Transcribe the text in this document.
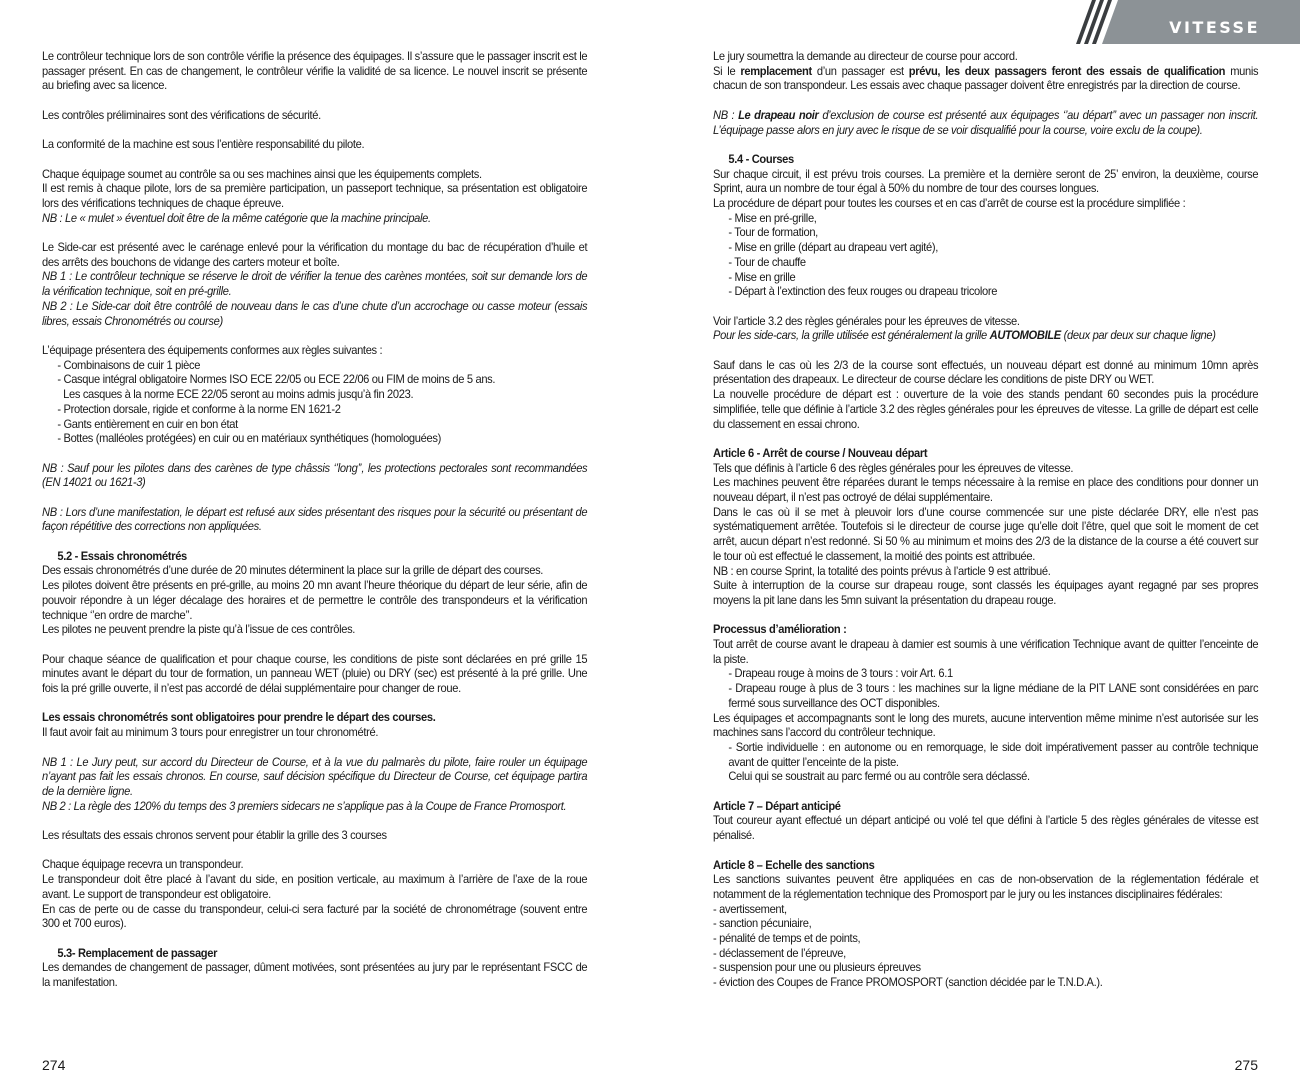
Le contrôleur technique lors de son contrôle vérifie la présence des équipages. Il s’assure que le passager inscrit est le passager présent. En cas de changement, le contrôleur vérifie la validité de sa licence. Le nouvel inscrit se présente au briefing avec sa licence.

Les contrôles préliminaires sont des vérifications de sécurité.

La conformité de la machine est sous l’entière responsabilité du pilote.

Chaque équipage soumet au contrôle sa ou ses machines ainsi que les équipements complets.
Il est remis à chaque pilote, lors de sa première participation, un passeport technique, sa présentation est obligatoire lors des vérifications techniques de chaque épreuve.
NB : Le « mulet » éventuel doit être de la même catégorie que la machine principale.

Le Side-car est présenté avec le carénage enlevé pour la vérification du montage du bac de récupération d’huile et des arrêts des bouchons de vidange des carters moteur et boîte.
NB 1 : Le contrôleur technique se réserve le droit de vérifier la tenue des carènes montées, soit sur demande lors de la vérification technique, soit en pré-grille.
NB 2 : Le Side-car doit être contrôlé de nouveau dans le cas d’une chute d’un accrochage ou casse moteur (essais libres, essais Chronométrés ou course)

L’équipage présentera des équipements conformes aux règles suivantes :
- Combinaisons de cuir 1 pièce
- Casque intégral obligatoire Normes ISO ECE 22/05 ou ECE 22/06 ou FIM de moins de 5 ans.
Les casques à la norme ECE 22/05 seront au moins admis jusqu’à fin 2023.
- Protection dorsale, rigide et conforme à la norme EN 1621-2
- Gants entièrement en cuir en bon état
- Bottes (malléoles protégées) en cuir ou en matériaux synthétiques (homologuées)

NB : Sauf pour les pilotes dans des carènes de type châssis ‘’long’’, les protections pectorales sont recommandées (EN 14021 ou 1621-3)

NB : Lors d’une manifestation, le départ est refusé aux sides présentant des risques pour la sécurité ou présentant de façon répétitive des corrections non appliquées.

5.2 - Essais chronométrés
Des essais chronométrés d’une durée de 20 minutes déterminent la place sur la grille de départ des courses.
Les pilotes doivent être présents en pré-grille, au moins 20 mn avant l’heure théorique du départ de leur série, afin de pouvoir répondre à un léger décalage des horaires et de permettre le contrôle des transpondeurs et la vérification technique ‘’en ordre de marche’’.
Les pilotes ne peuvent prendre la piste qu’à l’issue de ces contrôles.

Pour chaque séance de qualification et pour chaque course, les conditions de piste sont déclarées en pré grille 15 minutes avant le départ du tour de formation, un panneau WET (pluie) ou DRY (sec) est présenté à la pré grille. Une fois la pré grille ouverte, il n’est pas accordé de délai supplémentaire pour changer de roue.

Les essais chronométrés sont obligatoires pour prendre le départ des courses.
Il faut avoir fait au minimum 3 tours pour enregistrer un tour chronométré.

NB 1 : Le Jury peut, sur accord du Directeur de Course, et à la vue du palmarès du pilote, faire rouler un équipage n’ayant pas fait les essais chronos. En course, sauf décision spécifique du Directeur de Course, cet équipage partira de la dernière ligne.
NB 2 : La règle des 120% du temps des 3 premiers sidecars ne s’applique pas à la Coupe de France Promosport.

Les résultats des essais chronos servent pour établir la grille des 3 courses

Chaque équipage recevra un transpondeur.
Le transpondeur doit être placé à l’avant du side, en position verticale, au maximum à l’arrière de l’axe de la roue avant. Le support de transpondeur est obligatoire.
En cas de perte ou de casse du transpondeur, celui-ci sera facturé par la société de chronométrage (souvent entre 300 et 700 euros).

5.3- Remplacement de passager
Les demandes de changement de passager, dûment motivées, sont présentées au jury par le représentant FSCC de la manifestation.

274
VITESSE

Le jury soumettra la demande au directeur de course pour accord.
Si le remplacement d’un passager est prévu, les deux passagers feront des essais de qualification munis chacun de son transpondeur. Les essais avec chaque passager doivent être enregistrés par la direction de course.

NB : Le drapeau noir d’exclusion de course est présenté aux équipages ‘’au départ’’ avec un passager non inscrit. L’équipage passe alors en jury avec le risque de se voir disqualifié pour la course, voire exclu de la coupe).

5.4 - Courses
Sur chaque circuit, il est prévu trois courses. La première et la dernière seront de 25’ environ, la deuxième, course Sprint, aura un nombre de tour égal à 50% du nombre de tour des courses longues.
La procédure de départ pour toutes les courses et en cas d’arrêt de course est la procédure simplifiée :
- Mise en pré-grille,
- Tour de formation,
- Mise en grille (départ au drapeau vert agité),
- Tour de chauffe
- Mise en grille
- Départ à l’extinction des feux rouges ou drapeau tricolore

Voir l’article 3.2 des règles générales pour les épreuves de vitesse.
Pour les side-cars, la grille utilisée est généralement la grille AUTOMOBILE (deux par deux sur chaque ligne)

Sauf dans le cas où les 2/3 de la course sont effectués, un nouveau départ est donné au minimum 10mn après présentation des drapeaux. Le directeur de course déclare les conditions de piste DRY ou WET.
La nouvelle procédure de départ est : ouverture de la voie des stands pendant 60 secondes puis la procédure simplifiée, telle que définie à l’article 3.2 des règles générales pour les épreuves de vitesse. La grille de départ est celle du classement en essai chrono.

Article 6 - Arrêt de course / Nouveau départ
Tels que définis à l’article 6 des règles générales pour les épreuves de vitesse.
Les machines peuvent être réparées durant le temps nécessaire à la remise en place des conditions pour donner un nouveau départ, il n’est pas octroyé de délai supplémentaire.
Dans le cas où il se met à pleuvoir lors d’une course commencée sur une piste déclarée DRY, elle n’est pas systématiquement arrêtée. Toutefois si le directeur de course juge qu’elle doit l’être, quel que soit le moment de cet arrêt, aucun départ n’est redonné. Si 50 % au minimum et moins des 2/3 de la distance de la course a été couvert sur le tour où est effectué le classement, la moitié des points est attribuée.
NB : en course Sprint, la totalité des points prévus à l’article 9 est attribué.
Suite à interruption de la course sur drapeau rouge, sont classés les équipages ayant regagné par ses propres moyens la pit lane dans les 5mn suivant la présentation du drapeau rouge.

Processus d’amélioration :
Tout arrêt de course avant le drapeau à damier est soumis à une vérification Technique avant de quitter l’enceinte de la piste.
- Drapeau rouge à moins de 3 tours : voir Art. 6.1
- Drapeau rouge à plus de 3 tours : les machines sur la ligne médiane de la PIT LANE sont considérées en parc fermé sous surveillance des OCT disponibles.
Les équipages et accompagnants sont le long des murets, aucune intervention même minime n’est autorisée sur les machines sans l’accord du contrôleur technique.
- Sortie individuelle : en autonome ou en remorquage, le side doit impérativement passer au contrôle technique avant de quitter l’enceinte de la piste.
Celui qui se soustrait au parc fermé ou au contrôle sera déclassé.

Article 7 – Départ anticipé
Tout coureur ayant effectué un départ anticipé ou volé tel que défini à l’article 5 des règles générales de vitesse est pénalisé.

Article 8 – Echelle des sanctions
Les sanctions suivantes peuvent être appliquées en cas de non-observation de la réglementation fédérale et notamment de la réglementation technique des Promosport par le jury ou les instances disciplinaires fédérales:
- avertissement,
- sanction pécuniaire,
- pénalité de temps et de points,
- déclassement de l’épreuve,
- suspension pour une ou plusieurs épreuves
- éviction des Coupes de France PROMOSPORT (sanction décidée par le T.N.D.A.).

275
